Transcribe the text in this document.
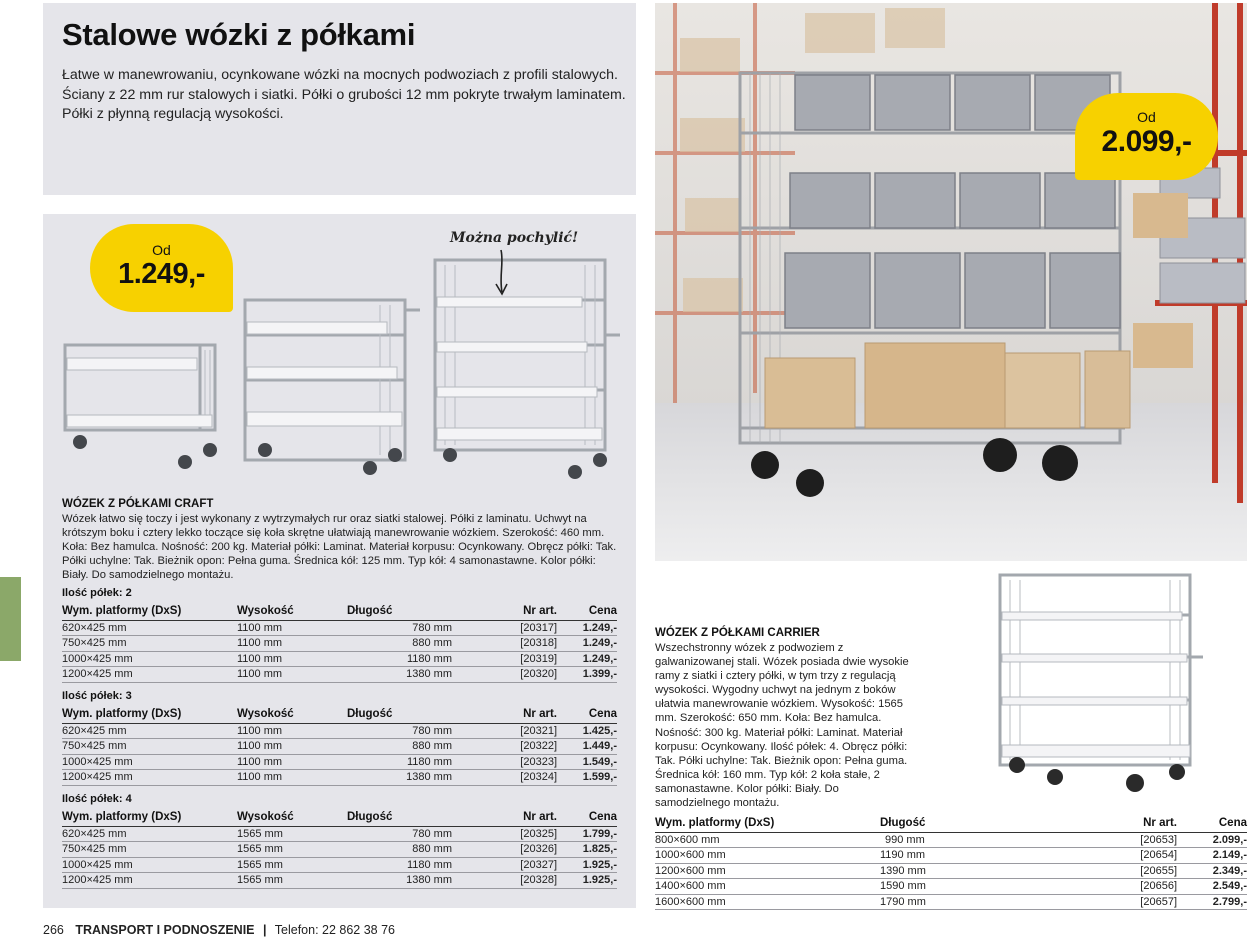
Stalowe wózki z półkami

Łatwe w manewrowaniu, ocynkowane wózki na mocnych podwoziach z profili stalowych. Ściany z 22 mm rur stalowych i siatki. Półki o grubości 12 mm pokryte trwałym laminatem. Półki z płynną regulacją wysokości.	Od
2.099,-
Od
1.249,-
Można pochylić!
WÓZEK Z PÓŁKAMI CRAFT

Wózek łatwo się toczy i jest wykonany z wytrzymałych rur oraz siatki stalowej. Półki z laminatu. Uchwyt na krótszym boku i cztery lekko toczące się koła skrętne ułatwiają manewrowanie wózkiem. Szerokość: 460 mm. Koła: Bez hamulca. Nośność: 200 kg. Materiał półki: Laminat. Materiał korpusu: Ocynkowany. Obręcz półki: Tak. Półki uchylne: Tak. Bieżnik opon: Pełna guma. Średnica kół: 125 mm. Typ kół: 4 samonastawne. Kolor półki: Biały. Do samodzielnego montażu.

Ilość półek: 2
Wym. platformy (DxS)	Wysokość	Długość	Nr art.	Cena
620×425 mm	1100 mm	780 mm	[20317]	1.249,-
750×425 mm	1100 mm	880 mm	[20318]	1.249,-
1000×425 mm	1100 mm	1180 mm	[20319]	1.249,-
1200×425 mm	1100 mm	1380 mm	[20320]	1.399,-
Ilość półek: 3
Wym. platformy (DxS)	Wysokość	Długość	Nr art.	Cena
620×425 mm	1100 mm	780 mm	[20321]	1.425,-
750×425 mm	1100 mm	880 mm	[20322]	1.449,-
1000×425 mm	1100 mm	1180 mm	[20323]	1.549,-
1200×425 mm	1100 mm	1380 mm	[20324]	1.599,-
Ilość półek: 4
Wym. platformy (DxS)	Wysokość	Długość	Nr art.	Cena
620×425 mm	1565 mm	780 mm	[20325]	1.799,-
750×425 mm	1565 mm	880 mm	[20326]	1.825,-
1000×425 mm	1565 mm	1180 mm	[20327]	1.925,-
1200×425 mm	1565 mm	1380 mm	[20328]	1.925,-
WÓZEK Z PÓŁKAMI CARRIER

Wszechstronny wózek z podwoziem z galwanizowanej stali. Wózek posiada dwie wysokie ramy z siatki i cztery półki, w tym trzy z regulacją wysokości. Wygodny uchwyt na jednym z boków ułatwia manewrowanie wózkiem. Wysokość: 1565 mm. Szerokość: 650 mm. Koła: Bez hamulca. Nośność: 300 kg. Materiał półki: Laminat. Materiał korpusu: Ocynkowany. Ilość półek: 4. Obręcz półki: Tak. Półki uchylne: Tak. Bieżnik opon: Pełna guma. Średnica kół: 160 mm. Typ kół: 2 koła stałe, 2 samonastawne. Kolor półki: Biały. Do samodzielnego montażu.

Wym. platformy (DxS)	Długość	Nr art.	Cena
800×600 mm	990 mm	[20653]	2.099,-
1000×600 mm	1190 mm	[20654]	2.149,-
1200×600 mm	1390 mm	[20655]	2.349,-
1400×600 mm	1590 mm	[20656]	2.549,-
1600×600 mm	1790 mm	[20657]	2.799,-
266 TRANSPORT I PODNOSZENIE | Telefon: 22 862 38 76
